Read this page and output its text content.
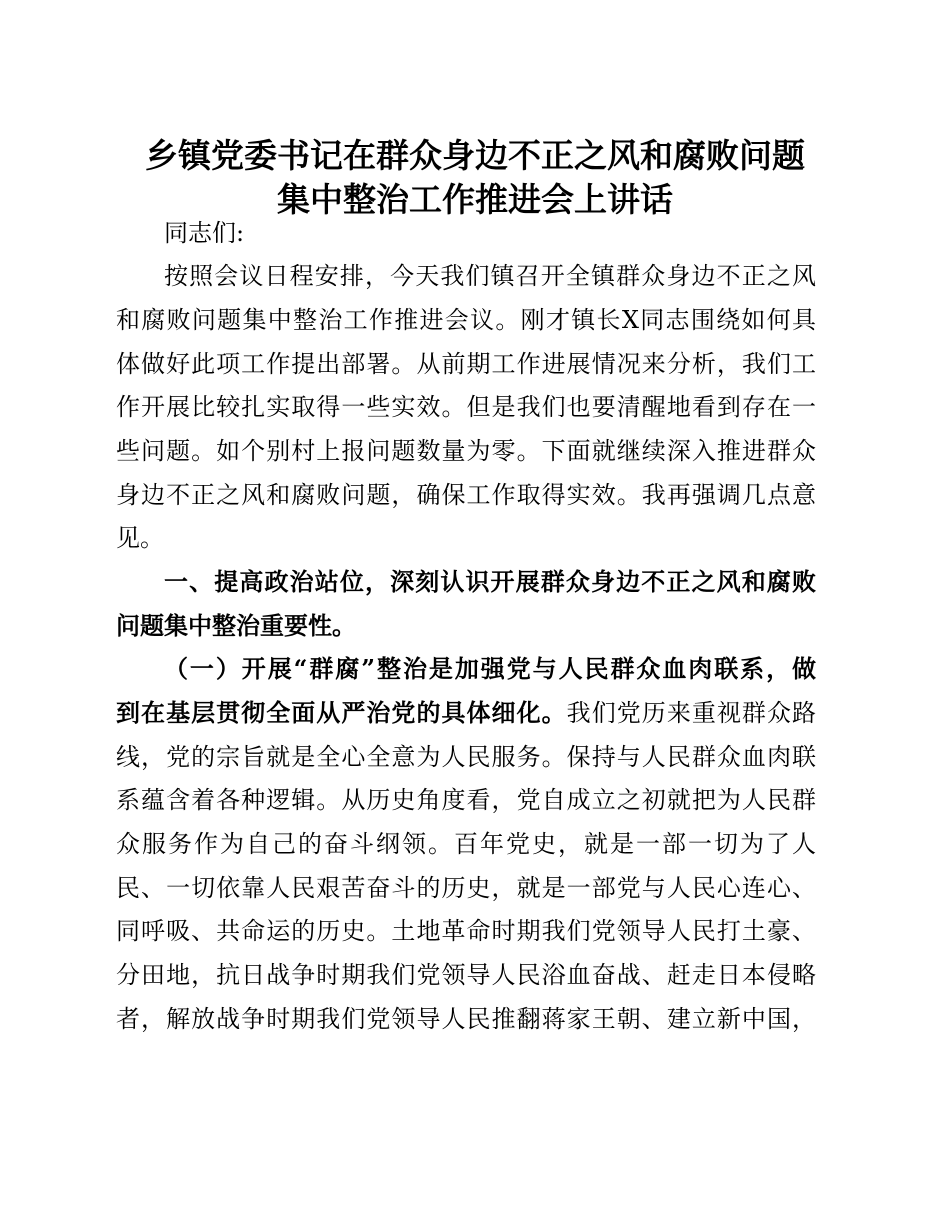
乡镇党委书记在群众身边不正之风和腐败问题
集中整治工作推进会上讲话
同志们:
按照会议日程安排，今天我们镇召开全镇群众身边不正之风
和腐败问题集中整治工作推进会议。刚才镇长X同志围绕如何具
体做好此项工作提出部署。从前期工作进展情况来分析，我们工
作开展比较扎实取得一些实效。但是我们也要清醒地看到存在一
些问题。如个别村上报问题数量为零。下面就继续深入推进群众
身边不正之风和腐败问题，确保工作取得实效。我再强调几点意
见。
一、提高政治站位，深刻认识开展群众身边不正之风和腐败
问题集中整治重要性。
（一）开展“群腐”整治是加强党与人民群众血肉联系，做
到在基层贯彻全面从严治党的具体细化。我们党历来重视群众路
线，党的宗旨就是全心全意为人民服务。保持与人民群众血肉联
系蕴含着各种逻辑。从历史角度看，党自成立之初就把为人民群
众服务作为自己的奋斗纲领。百年党史，就是一部一切为了人
民、一切依靠人民艰苦奋斗的历史，就是一部党与人民心连心、
同呼吸、共命运的历史。土地革命时期我们党领导人民打土豪、
分田地，抗日战争时期我们党领导人民浴血奋战、赶走日本侵略
者，解放战争时期我们党领导人民推翻蒋家王朝、建立新中国，
